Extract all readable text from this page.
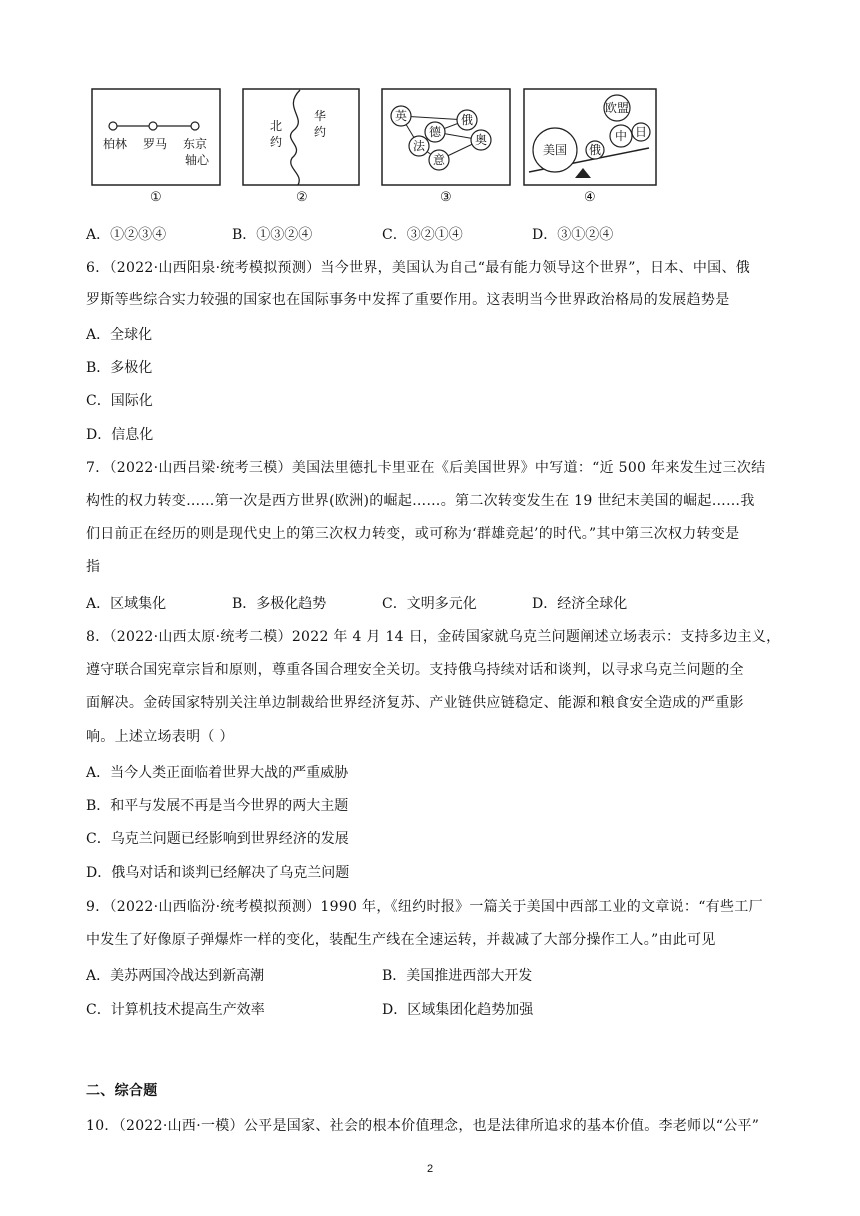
柏林 罗马 东京
轴心
北
约
华
约
英
德
俄
法	奥
意
美国
欧盟
俄
中 日
①	②	③	④
A．①②③④	B．①③②④	C．③②①④	D．③①②④
6．（2022·山西阳泉·统考模拟预测）当今世界，美国认为自己“最有能力领导这个世界”，日本、中国、俄
罗斯等些综合实力较强的国家也在国际事务中发挥了重要作用。这表明当今世界政治格局的发展趋势是
A．全球化
B．多极化
C．国际化
D．信息化
7．（2022·山西吕梁·统考三模）美国法里德扎卡里亚在《后美国世界》中写道：“近 500 年来发生过三次结
构性的权力转变……第一次是西方世界(欧洲)的崛起……。第二次转变发生在 19 世纪末美国的崛起……我
们日前正在经历的则是现代史上的第三次权力转变，或可称为‘群雄竞起’的时代。”其中第三次权力转变是
指
A．区域集化	B．多极化趋势	C．文明多元化	D．经济全球化
8．（2022·山西太原·统考二模）2022 年 4 月 14 日，金砖国家就乌克兰问题阐述立场表示：支持多边主义，
遵守联合国宪章宗旨和原则，尊重各国合理安全关切。支持俄乌持续对话和谈判，以寻求乌克兰问题的全
面解决。金砖国家特别关注单边制裁给世界经济复苏、产业链供应链稳定、能源和粮食安全造成的严重影
响。上述立场表明（ ）
A．当今人类正面临着世界大战的严重威胁
B．和平与发展不再是当今世界的两大主题
C．乌克兰问题已经影响到世界经济的发展
D．俄乌对话和谈判已经解决了乌克兰问题
9．（2022·山西临汾·统考模拟预测）1990 年，《纽约时报》一篇关于美国中西部工业的文章说：“有些工厂
中发生了好像原子弹爆炸一样的变化，装配生产线在全速运转，并裁减了大部分操作工人。”由此可见
A．美苏两国冷战达到新高潮	B．美国推进西部大开发
C．计算机技术提高生产效率	D．区域集团化趋势加强
二、综合题
10．（2022·山西·一模）公平是国家、社会的根本价值理念，也是法律所追求的基本价值。李老师以“公平”
2
